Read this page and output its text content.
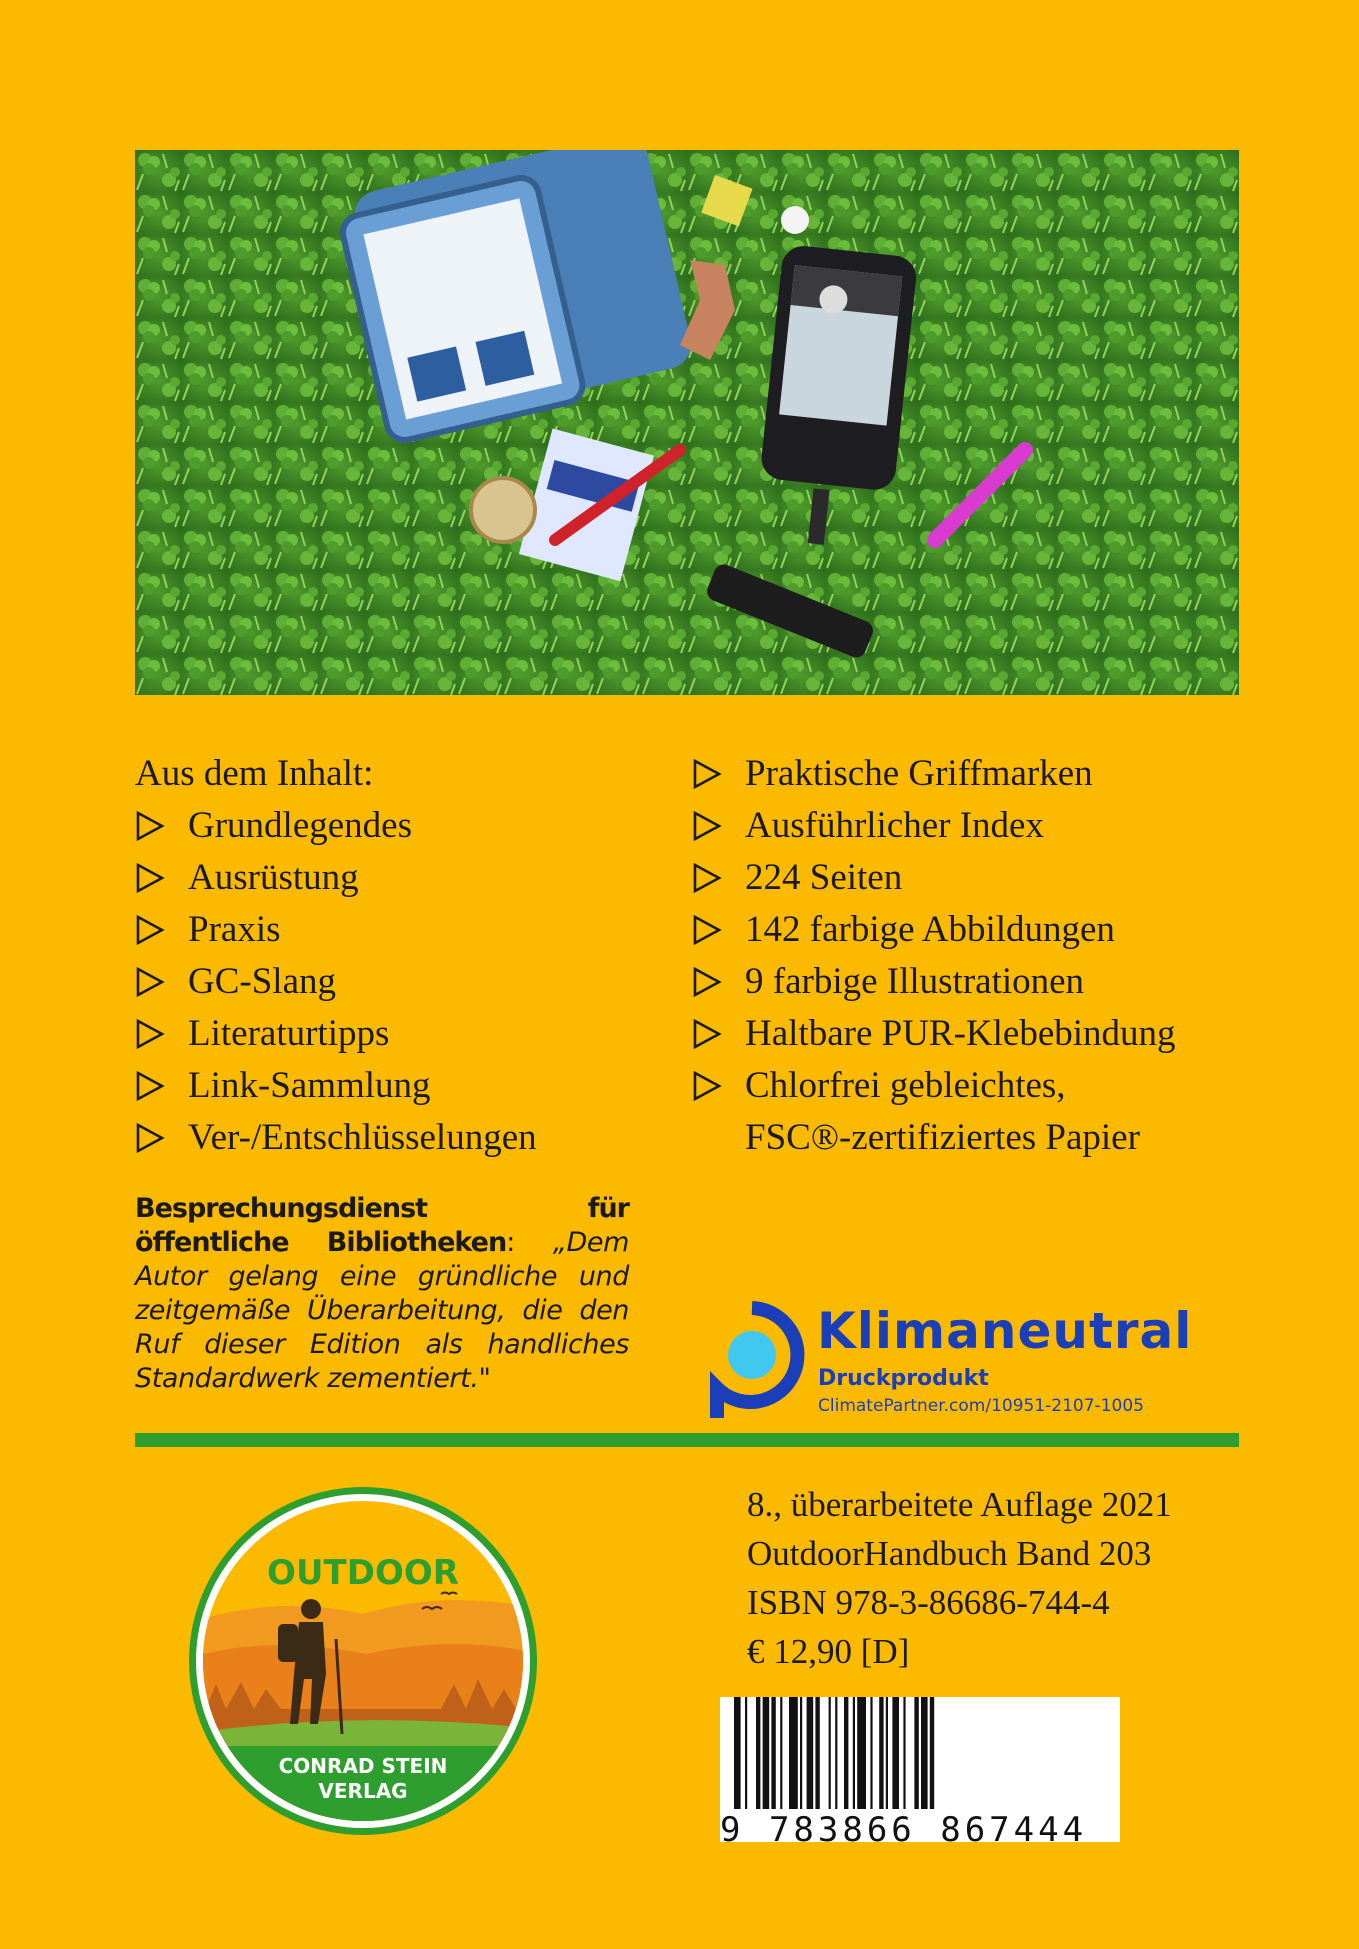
Aus dem Inhalt:
Grundlegendes
Ausrüstung
Praxis
GC-Slang
Literaturtipps
Link-Sammlung
Ver-/Entschlüsselungen
Praktische Griffmarken
Ausführlicher Index
224 Seiten
142 farbige Abbildungen
9 farbige Illustrationen
Haltbare PUR-Klebebindung
Chlorfrei gebleichtes,
FSC®-zertifiziertes Papier
Besprechungsdienst für öffentliche Bibliotheken: „Dem Autor gelang eine gründliche und zeitgemäße Überarbeitung, die den Ruf dieser Edition als handliches Standardwerk zementiert."
Klimaneutral
Druckprodukt
ClimatePartner.com/10951-2107-1005
8., überarbeitete Auflage 2021
OutdoorHandbuch Band 203
ISBN 978-3-86686-744-4
€ 12,90 [D]
OUTDOOR
CONRAD STEIN
VERLAG
9 783866 867444
